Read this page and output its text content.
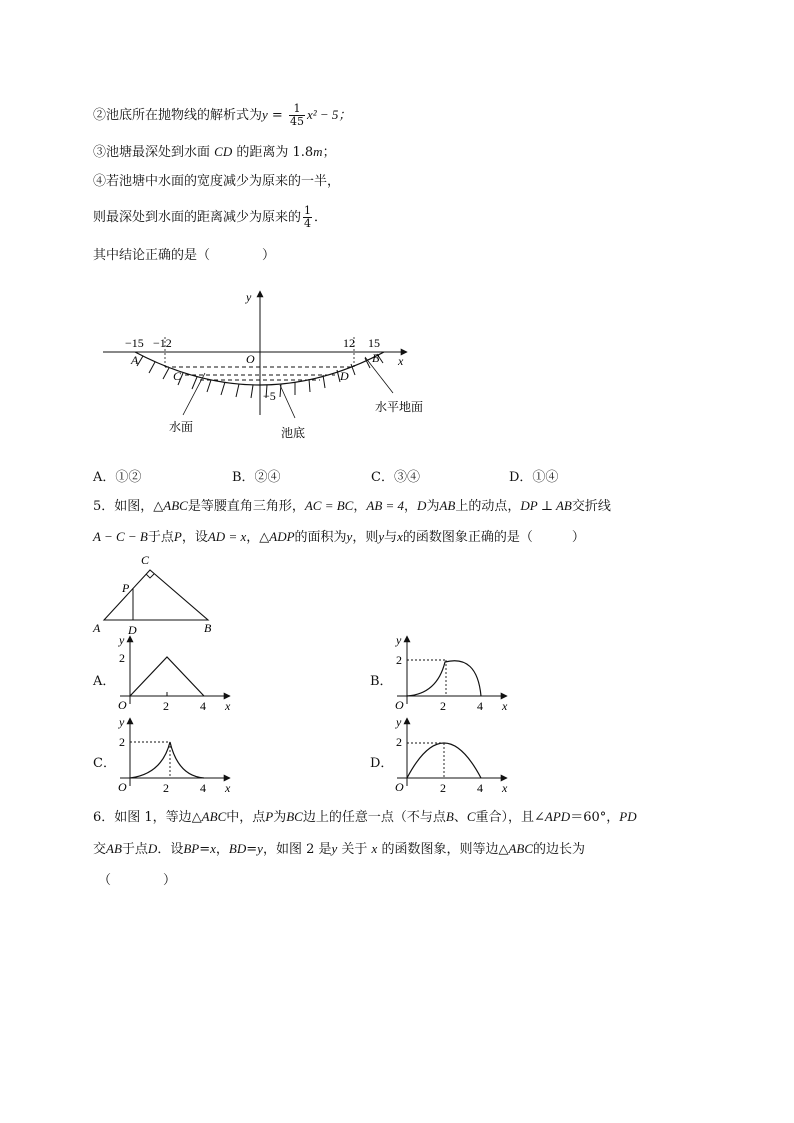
②池底所在抛物线的解析式为$y = \frac{1}{45} x^2 - 5$；
③池塘最深处到水面 CD 的距离为 1.8m；
④若池塘中水面的宽度减少为原来的一半，
则最深处到水面的距离减少为原来的 $\frac{1}{4}$ ．
其中结论正确的是（　　　　）
y
x
O
−15 −12	12 15
A	B
C	D
−5
水面	池底
水平地面
A．①②	B．②④	C．③④	D．①④
5．如图，△ABC是等腰直角三角形，AC = BC，AB = 4，D为AB上的动点，DP ⊥ AB交折线
A − C − B于点P，设AD = x，△ADP的面积为y，则y与x的函数图象正确的是（　　　）
C
P
A D	B
A．
y
2
O	2	4 x
B．
y
2
O	2	4 x
C．
y
2
O	2	4 x
D．
y
2
O	2	4 x
6．如图 1，等边△ABC中，点P为BC边上的任意一点（不与点B、C重合），且∠APD＝60°，PD
交AB于点D．设BP=x，BD=y，如图 2 是y 关于 x 的函数图象，则等边△ABC的边长为
（　　　　）
